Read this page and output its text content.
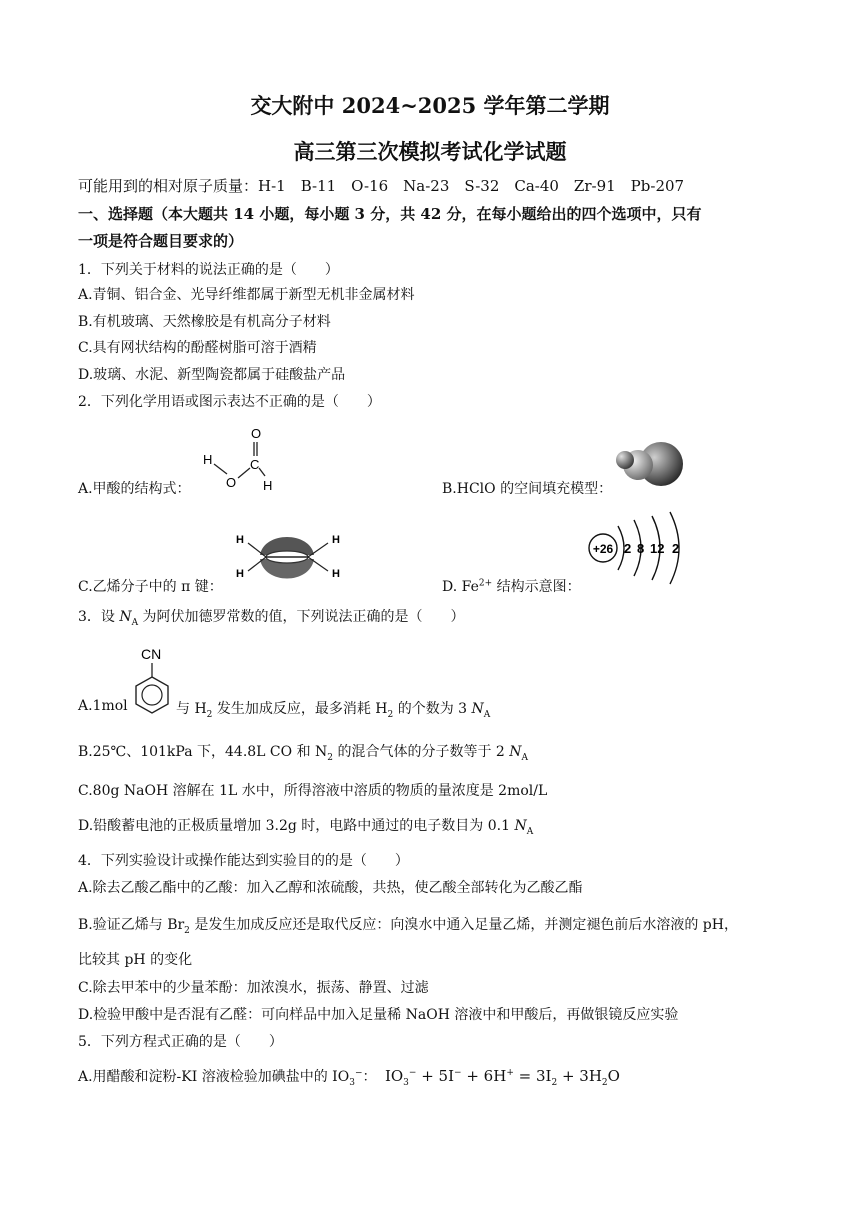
交大附中 2024~2025 学年第二学期
高三第三次模拟考试化学试题
可能用到的相对原子质量：H-1　B-11　O-16　Na-23　S-32　Ca-40　Zr-91　Pb-207
一、选择题（本大题共 14 小题，每小题 3 分，共 42 分，在每小题给出的四个选项中，只有
一项是符合题目要求的）
1．下列关于材料的说法正确的是（　　）
A.青铜、铝合金、光导纤维都属于新型无机非金属材料
B.有机玻璃、天然橡胶是有机高分子材料
C.具有网状结构的酚醛树脂可溶于酒精
D.玻璃、水泥、新型陶瓷都属于硅酸盐产品
2．下列化学用语或图示表达不正确的是（　　）
A.甲酸的结构式：
O
C
H
O H	B.HClO 的空间填充模型：
C.乙烯分子中的 π 键：
H
H
H
H
D. $Fe^{2+}$ 结构示意图：
+26 2 8 12 2
3．设 $N_A$ 为阿伏加德罗常数的值，下列说法正确的是（　　）
A.1mol
CN
与 $H_2$ 发生加成反应，最多消耗 $H_2$ 的个数为 3 $N_A$
B.25℃、101kPa 下，44.8L CO 和 $N_2$ 的混合气体的分子数等于 2 $N_A$
C.80g NaOH 溶解在 1L 水中，所得溶液中溶质的物质的量浓度是 2mol/L
D.铅酸蓄电池的正极质量增加 3.2g 时，电路中通过的电子数目为 0.1 $N_A$
4．下列实验设计或操作能达到实验目的的是（　　）
A.除去乙酸乙酯中的乙酸：加入乙醇和浓硫酸，共热，使乙酸全部转化为乙酸乙酯
B.验证乙烯与 $Br_2$ 是发生加成反应还是取代反应：向溴水中通入足量乙烯，并测定褪色前后水溶液的 pH，
比较其 pH 的变化
C.除去甲苯中的少量苯酚：加浓溴水，振荡、静置、过滤
D.检验甲酸中是否混有乙醛：可向样品中加入足量稀 NaOH 溶液中和甲酸后，再做银镜反应实验
5．下列方程式正确的是（　　）
A.用醋酸和淀粉-KI 溶液检验加碘盐中的 $IO_3^-$： $IO_3^- + 5I^- + 6H^+ = 3I_2 + 3H_2O$
